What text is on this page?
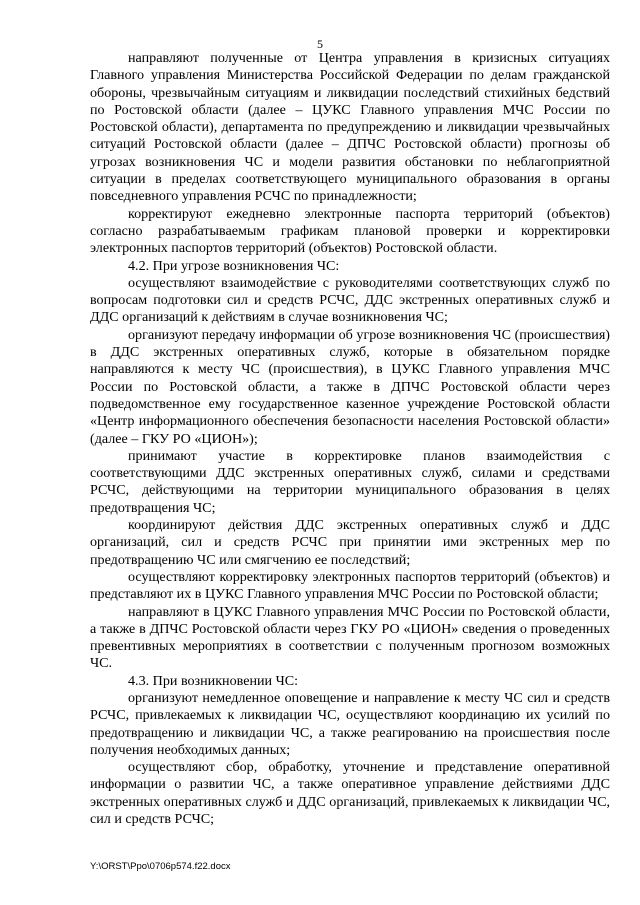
5

направляют полученные от Центра управления в кризисных ситуациях Главного управления Министерства Российской Федерации по делам гражданской обороны, чрезвычайным ситуациям и ликвидации последствий стихийных бедствий по Ростовской области (далее – ЦУКС Главного управления МЧС России по Ростовской области), департамента по предупреждению и ликвидации чрезвычайных ситуаций Ростовской области (далее – ДПЧС Ростовской области) прогнозы об угрозах возникновения ЧС и модели развития обстановки по неблагоприятной ситуации в пределах соответствующего муниципального образования в органы повседневного управления РСЧС по принадлежности;

корректируют ежедневно электронные паспорта территорий (объектов) согласно разрабатываемым графикам плановой проверки и корректировки электронных паспортов территорий (объектов) Ростовской области.

4.2. При угрозе возникновения ЧС:

осуществляют взаимодействие с руководителями соответствующих служб по вопросам подготовки сил и средств РСЧС, ДДС экстренных оперативных служб и ДДС организаций к действиям в случае возникновения ЧС;

организуют передачу информации об угрозе возникновения ЧС (происшествия) в ДДС экстренных оперативных служб, которые в обязательном порядке направляются к месту ЧС (происшествия), в ЦУКС Главного управления МЧС России по Ростовской области, а также в ДПЧС Ростовской области через подведомственное ему государственное казенное учреждение Ростовской области «Центр информационного обеспечения безопасности населения Ростовской области» (далее – ГКУ РО «ЦИОН»);

принимают участие в корректировке планов взаимодействия с соответствующими ДДС экстренных оперативных служб, силами и средствами РСЧС, действующими на территории муниципального образования в целях предотвращения ЧС;

координируют действия ДДС экстренных оперативных служб и ДДС организаций, сил и средств РСЧС при принятии ими экстренных мер по предотвращению ЧС или смягчению ее последствий;

осуществляют корректировку электронных паспортов территорий (объектов) и представляют их в ЦУКС Главного управления МЧС России по Ростовской области;

направляют в ЦУКС Главного управления МЧС России по Ростовской области, а также в ДПЧС Ростовской области через ГКУ РО «ЦИОН» сведения о проведенных превентивных мероприятиях в соответствии с полученным прогнозом возможных ЧС.

4.3. При возникновении ЧС:

организуют немедленное оповещение и направление к месту ЧС сил и средств РСЧС, привлекаемых к ликвидации ЧС, осуществляют координацию их усилий по предотвращению и ликвидации ЧС, а также реагированию на происшествия после получения необходимых данных;

осуществляют сбор, обработку, уточнение и представление оперативной информации о развитии ЧС, а также оперативное управление действиями ДДС экстренных оперативных служб и ДДС организаций, привлекаемых к ликвидации ЧС, сил и средств РСЧС;

Y:\ORST\Ppo\0706p574.f22.docx
